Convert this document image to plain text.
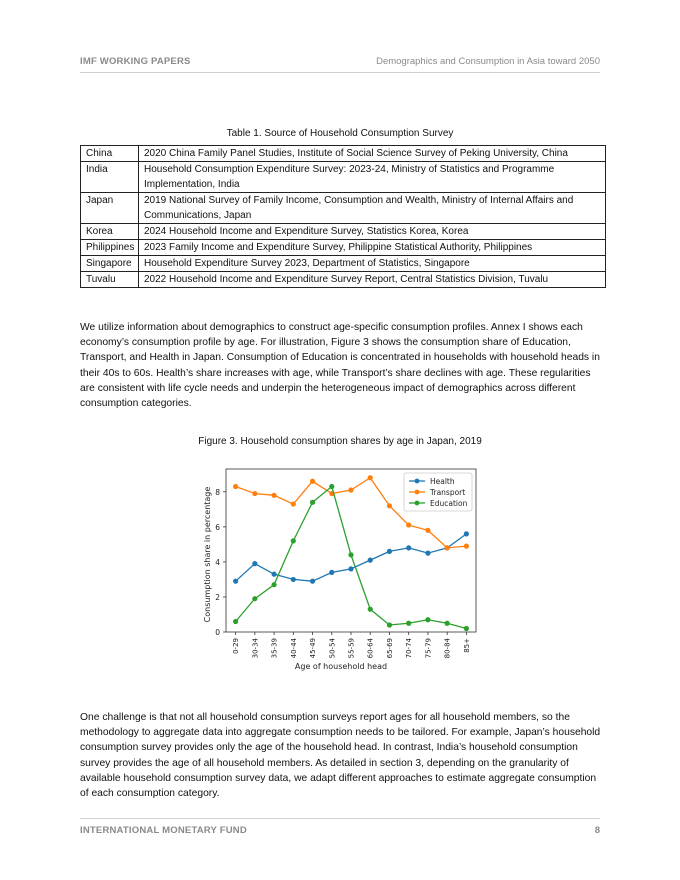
IMF WORKING PAPERS	Demographics and Consumption in Asia toward 2050
Table 1. Source of Household Consumption Survey
China	2020 China Family Panel Studies, Institute of Social Science Survey of Peking University, China
India	Household Consumption Expenditure Survey: 2023-24, Ministry of Statistics and Programme Implementation, India
Japan	2019 National Survey of Family Income, Consumption and Wealth, Ministry of Internal Affairs and Communications, Japan
Korea	2024 Household Income and Expenditure Survey, Statistics Korea, Korea
Philippines	2023 Family Income and Expenditure Survey, Philippine Statistical Authority, Philippines
Singapore	Household Expenditure Survey 2023, Department of Statistics, Singapore
Tuvalu	2022 Household Income and Expenditure Survey Report, Central Statistics Division, Tuvalu

We utilize information about demographics to construct age-specific consumption profiles. Annex I shows each economy’s consumption profile by age. For illustration, Figure 3 shows the consumption share of Education, Transport, and Health in Japan. Consumption of Education is concentrated in households with household heads in their 40s to 60s. Health’s share increases with age, while Transport’s share declines with age. These regularities are consistent with life cycle needs and underpin the heterogeneous impact of demographics across different consumption categories.

Figure 3. Household consumption shares by age in Japan, 2019
0
2
4
6
8
0-29 30-34 35-39 40-44 45-49 50-54 55-59 60-64 65-69 70-74 75-79 80-84 85+
Age of household head
Consumption share in percentage
Health
Transport
Education

One challenge is that not all household consumption surveys report ages for all household members, so the methodology to aggregate data into aggregate consumption needs to be tailored. For example, Japan’s household consumption survey provides only the age of the household head. In contrast, India’s household consumption survey provides the age of all household members. As detailed in section 3, depending on the granularity of available household consumption survey data, we adapt different approaches to estimate aggregate consumption of each consumption category.

INTERNATIONAL MONETARY FUND	8
